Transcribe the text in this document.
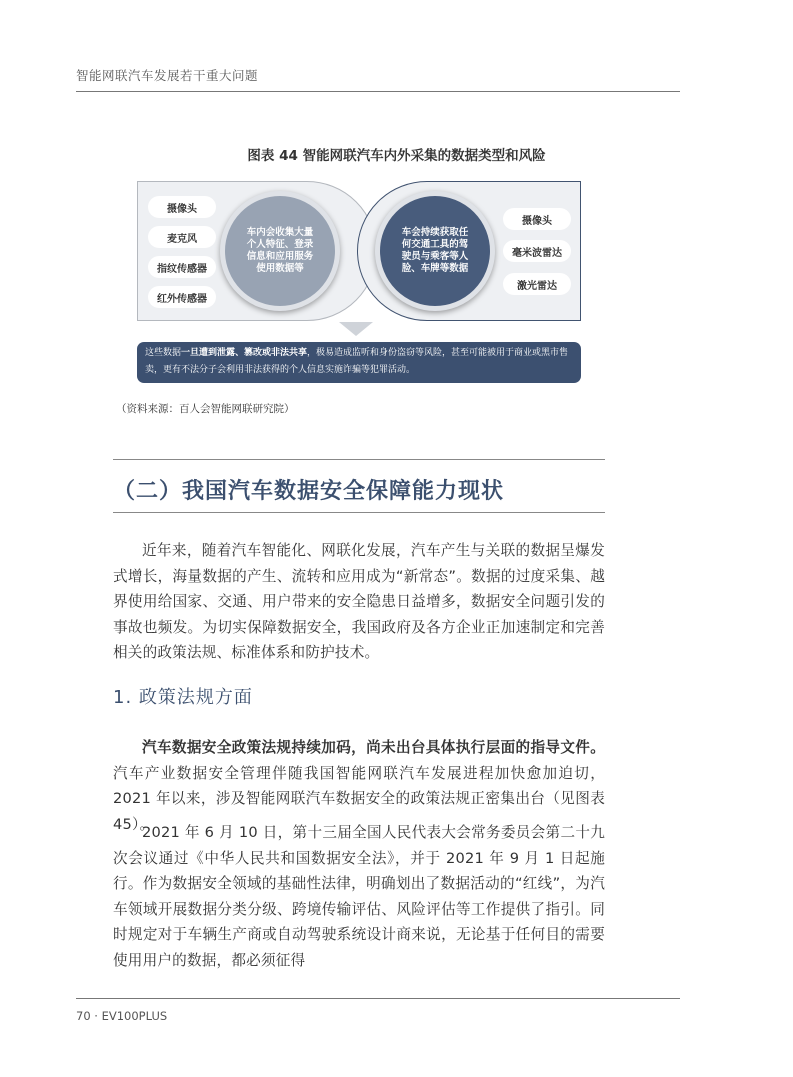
智能网联汽车发展若干重大问题
图表 44 智能网联汽车内外采集的数据类型和风险
摄像头
麦克风
指纹传感器
红外传感器
摄像头
毫米波雷达
激光雷达
车内会收集大量个人特征、登录信息和应用服务使用数据等
车会持续获取任何交通工具的驾驶员与乘客等人脸、车牌等数据
这些数据一旦遭到泄露、篡改或非法共享，极易造成监听和身份盗窃等风险，甚至可能被用于商业或黑市售卖，更有不法分子会利用非法获得的个人信息实施诈骗等犯罪活动。
（资料来源：百人会智能网联研究院）
（二）我国汽车数据安全保障能力现状

近年来，随着汽车智能化、网联化发展，汽车产生与关联的数据呈爆发式增长，海量数据的产生、流转和应用成为“新常态”。数据的过度采集、越界使用给国家、交通、用户带来的安全隐患日益增多，数据安全问题引发的事故也频发。为切实保障数据安全，我国政府及各方企业正加速制定和完善相关的政策法规、标准体系和防护技术。

1. 政策法规方面

汽车数据安全政策法规持续加码，尚未出台具体执行层面的指导文件。汽车产业数据安全管理伴随我国智能网联汽车发展进程加快愈加迫切，2021 年以来，涉及智能网联汽车数据安全的政策法规正密集出台（见图表 45）。

2021 年 6 月 10 日，第十三届全国人民代表大会常务委员会第二十九次会议通过《中华人民共和国数据安全法》，并于 2021 年 9 月 1 日起施行。作为数据安全领域的基础性法律，明确划出了数据活动的“红线”，为汽车领域开展数据分类分级、跨境传输评估、风险评估等工作提供了指引。同时规定对于车辆生产商或自动驾驶系统设计商来说，无论基于任何目的需要使用用户的数据，都必须征得

70 · EV100PLUS
